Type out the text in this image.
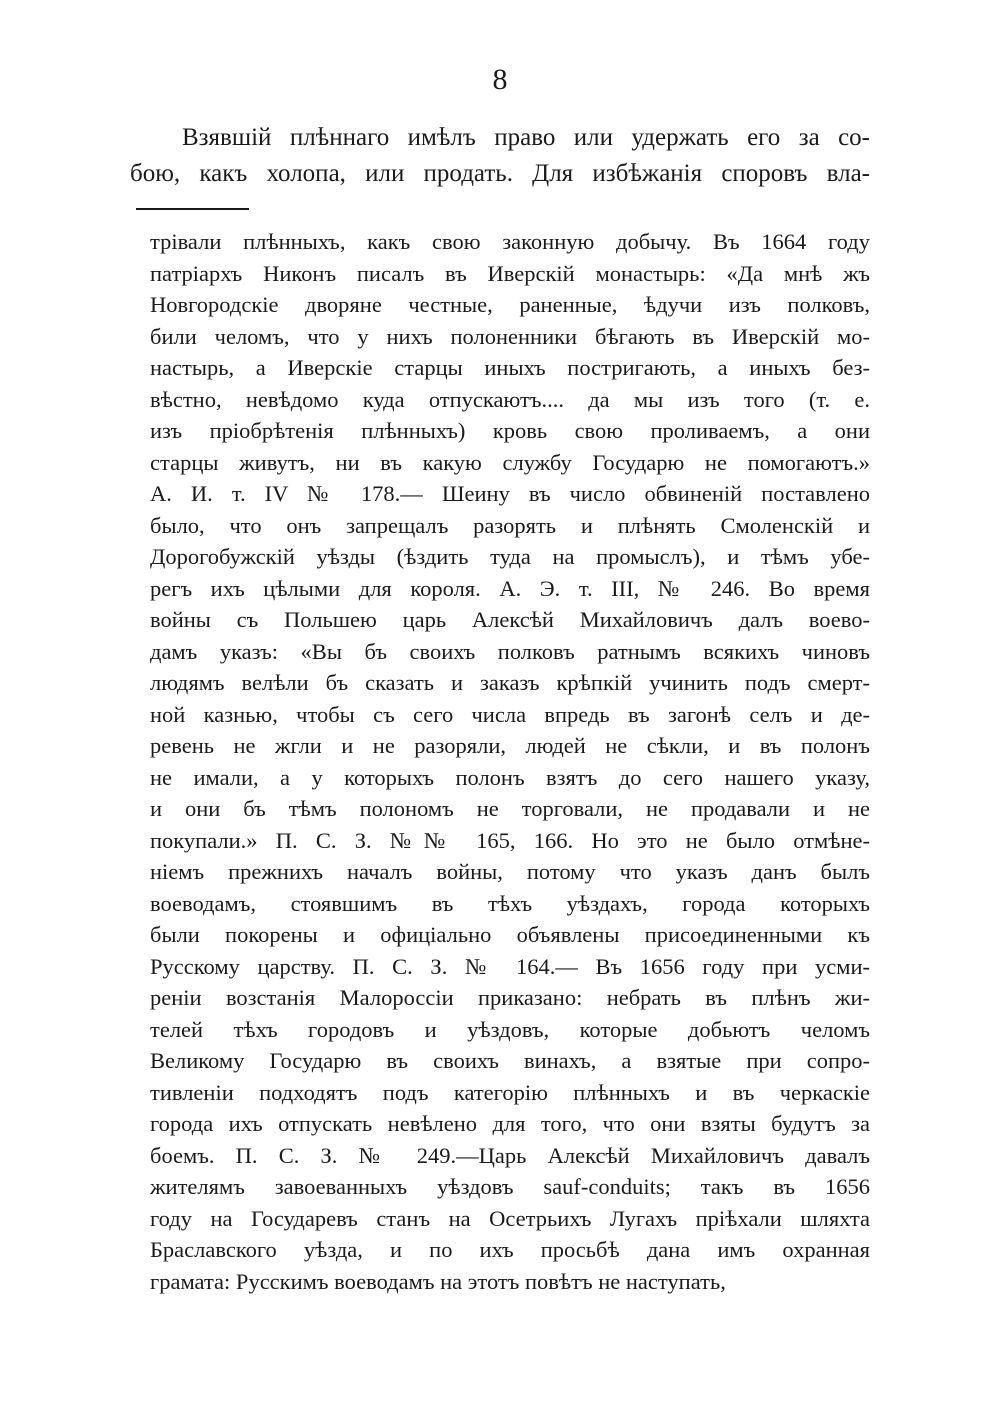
8
Взявшій плѣннаго имѣлъ право или удержать его за со-
бою, какъ холопа, или продать. Для избѣжанія споровъ вла-
трівали плѣнныхъ, какъ свою законную добычу. Въ 1664 году
патріархъ Никонъ писалъ въ Иверскій монастырь: «Да мнѣ жъ
Новгородскіе дворяне честные, раненные, ѣдучи изъ полковъ,
били челомъ, что у нихъ полоненники бѣгають въ Иверскій мо-
настырь, а Иверскіе старцы иныхъ постригають, а иныхъ без-
вѣстно, невѣдомо куда отпускаютъ.... да мы изъ того (т. е.
изъ пріобрѣтенія плѣнныхъ) кровь свою проливаемъ, а они
старцы живутъ, ни въ какую службу Государю не помогаютъ.»
А. И. т. IV № 178.— Шеину въ число обвиненій поставлено
было, что онъ запрещалъ разорять и плѣнять Смоленскій и
Дорогобужскій уѣзды (ѣздить туда на промыслъ), и тѣмъ убе-
регъ ихъ цѣлыми для короля. А. Э. т. III, № 246. Во время
войны съ Польшею царь Алексѣй Михайловичъ далъ воево-
дамъ указъ: «Вы бъ своихъ полковъ ратнымъ всякихъ чиновъ
людямъ велѣли бъ сказать и заказъ крѣпкій учинить подъ смерт-
ной казнью, чтобы съ сего числа впредь въ загонѣ селъ и де-
ревень не жгли и не разоряли, людей не сѣкли, и въ полонъ
не имали, а у которыхъ полонъ взятъ до сего нашего указу,
и они бъ тѣмъ полономъ не торговали, не продавали и не
покупали.» П. С. З. №№ 165, 166. Но это не было отмѣне-
ніемъ прежнихъ началъ войны, потому что указъ данъ былъ
воеводамъ, стоявшимъ въ тѣхъ уѣздахъ, города которыхъ
были покорены и офиціально объявлены присоединенными къ
Русскому царству. П. С. З. № 164.— Въ 1656 году при усми-
реніи возстанія Малороссіи приказано: небрать въ плѣнъ жи-
телей тѣхъ городовъ и уѣздовъ, которые добьютъ челомъ
Великому Государю въ своихъ винахъ, а взятые при сопро-
тивленіи подходятъ подъ категорію плѣнныхъ и въ черкаскіе
города ихъ отпускать невѣлено для того, что они взяты будутъ за
боемъ. П. С. З. № 249.—Царь Алексѣй Михайловичъ давалъ
жителямъ завоеванныхъ уѣздовъ sauf-conduits; такъ въ 1656
году на Государевъ станъ на Осетрьихъ Лугахъ пріѣхали шляхта
Браславского уѣзда, и по ихъ просьбѣ дана имъ охранная
грамата: Русскимъ воеводамъ на этотъ повѣтъ не наступать,
